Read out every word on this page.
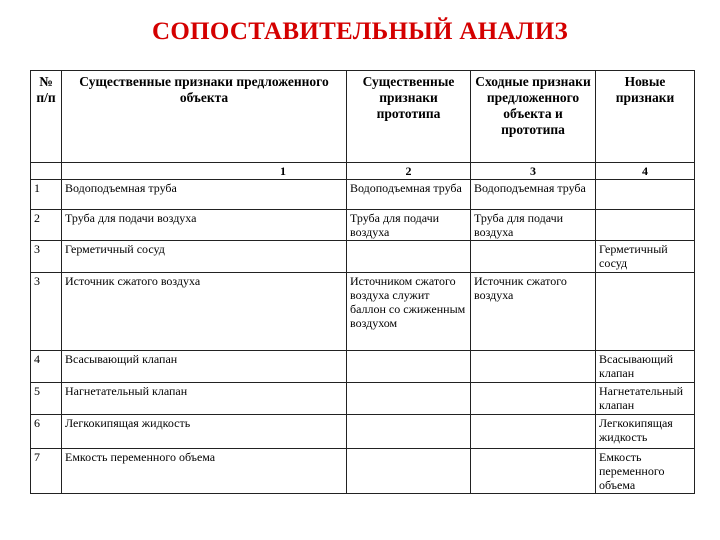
СОПОСТАВИТЕЛЬНЫЙ АНАЛИЗ
№ п/п	Существенные признаки предложенного объекта	Существенные признаки прототипа	Сходные признаки предложенного объекта и прототипа	Новые признаки
	1	2	3	4
1	Водоподъемная труба	Водоподъемная труба	Водоподъемная труба	
2	Труба для подачи воздуха	Труба для подачи воздуха	Труба для подачи воздуха	
3	Герметичный сосуд			Герметичный сосуд
3	Источник сжатого воздуха	Источником сжатого воздуха служит баллон со сжиженным воздухом	Источник сжатого воздуха	
4	Всасывающий клапан			Всасывающий клапан
5	Нагнетательный клапан			Нагнетательный клапан
6	Легкокипящая жидкость			Легкокипящая жидкость
7	Емкость переменного объема			Емкость переменного объема
